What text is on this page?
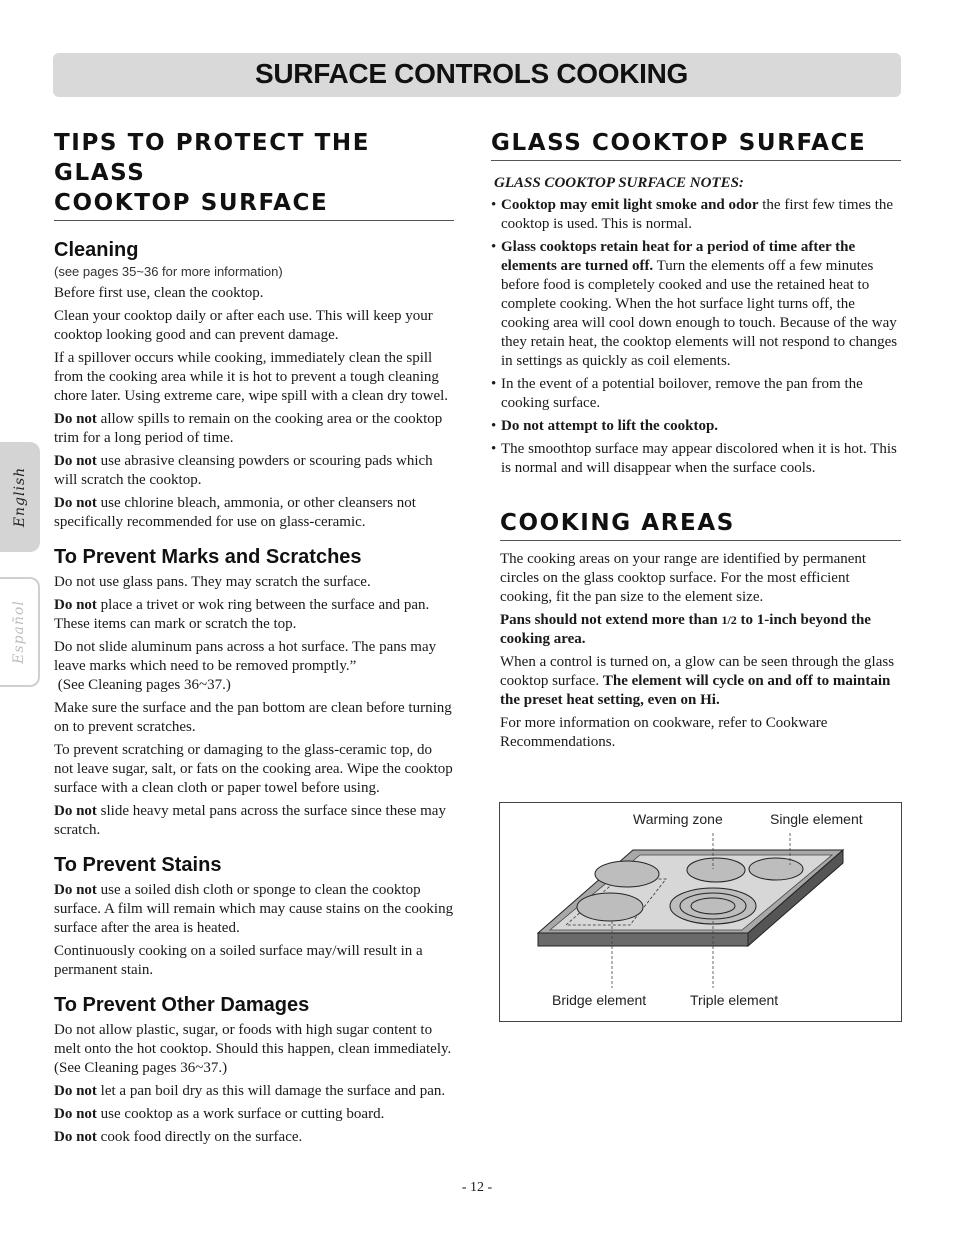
SURFACE CONTROLS COOKING
English
Español
TIPS TO PROTECT THE GLASS
COOKTOP SURFACE
Cleaning
(see pages 35~36 for more information)

Before first use, clean the cooktop.

Clean your cooktop daily or after each use. This will keep your cooktop looking good and can prevent damage.

If a spillover occurs while cooking, immediately clean the spill from the cooking area while it is hot to prevent a tough cleaning chore later. Using extreme care, wipe spill with a clean dry towel.

Do not allow spills to remain on the cooking area or the cooktop trim for a long period of time.

Do not use abrasive cleansing powders or scouring pads which will scratch the cooktop.

Do not use chlorine bleach, ammonia, or other cleansers not specifically recommended for use on glass-ceramic.

To Prevent Marks and Scratches

Do not use glass pans. They may scratch the surface.

Do not place a trivet or wok ring between the surface and pan. These items can mark or scratch the top.

Do not slide aluminum pans across a hot surface. The pans may leave marks which need to be removed promptly.”
(See Cleaning pages 36~37.)

Make sure the surface and the pan bottom are clean before turning on to prevent scratches.

To prevent scratching or damaging to the glass-ceramic top, do not leave sugar, salt, or fats on the cooking area. Wipe the cooktop surface with a clean cloth or paper towel before using.

Do not slide heavy metal pans across the surface since these may scratch.

To Prevent Stains

Do not use a soiled dish cloth or sponge to clean the cooktop surface. A film will remain which may cause stains on the cooking surface after the area is heated.

Continuously cooking on a soiled surface may/will result in a permanent stain.

To Prevent Other Damages

Do not allow plastic, sugar, or foods with high sugar content to melt onto the hot cooktop. Should this happen, clean immediately. (See Cleaning pages 36~37.)

Do not let a pan boil dry as this will damage the surface and pan.

Do not use cooktop as a work surface or cutting board.

Do not cook food directly on the surface.

GLASS COOKTOP SURFACE
GLASS COOKTOP SURFACE NOTES:
• Cooktop may emit light smoke and odor the first few times the cooktop is used. This is normal.
• Glass cooktops retain heat for a period of time after the elements are turned off. Turn the elements off a few minutes before food is completely cooked and use the retained heat to complete cooking. When the hot surface light turns off, the cooking area will cool down enough to touch. Because of the way they retain heat, the cooktop elements will not respond to changes in settings as quickly as coil elements.
• In the event of a potential boilover, remove the pan from the cooking surface.
• Do not attempt to lift the cooktop.
• The smoothtop surface may appear discolored when it is hot. This is normal and will disappear when the surface cools.
COOKING AREAS

The cooking areas on your range are identified by permanent circles on the glass cooktop surface. For the most efficient cooking, fit the pan size to the element size.

Pans should not extend more than 1/2 to 1-inch beyond the cooking area.

When a control is turned on, a glow can be seen through the glass cooktop surface. The element will cycle on and off to maintain the preset heat setting, even on Hi.

For more information on cookware, refer to Cookware Recommendations.

Warming zone	Single element
Bridge element	Triple element
- 12 -
